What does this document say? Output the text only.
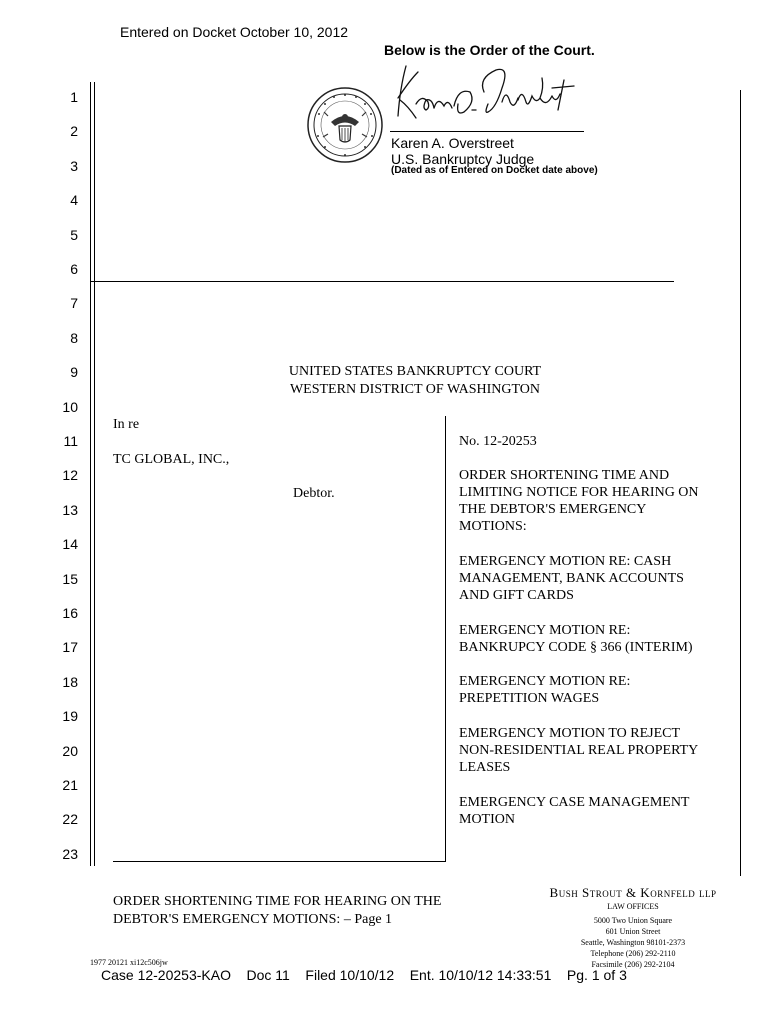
Entered on Docket October 10, 2012
Below is the Order of the Court.
Karen A. Overstreet
U.S. Bankruptcy Judge
(Dated as of Entered on Docket date above)
1
2
3
4
5
6
7
8
9
10
11
12
13
14
15
16
17
18
19
20
21
22
23
UNITED STATES BANKRUPTCY COURT
WESTERN DISTRICT OF WASHINGTON
In re
TC GLOBAL, INC.,
Debtor.
No. 12-20253
ORDER SHORTENING TIME AND
LIMITING NOTICE FOR HEARING ON
THE DEBTOR'S EMERGENCY
MOTIONS:
EMERGENCY MOTION RE: CASH
MANAGEMENT, BANK ACCOUNTS
AND GIFT CARDS
EMERGENCY MOTION RE:
BANKRUPCY CODE § 366 (INTERIM)
EMERGENCY MOTION RE:
PREPETITION WAGES
EMERGENCY MOTION TO REJECT
NON-RESIDENTIAL REAL PROPERTY
LEASES
EMERGENCY CASE MANAGEMENT
MOTION
ORDER SHORTENING TIME FOR HEARING ON THE
DEBTOR'S EMERGENCY MOTIONS: – Page 1
Bush Strout & Kornfeld llp
LAW OFFICES
5000 Two Union Square
601 Union Street
Seattle, Washington 98101-2373
Telephone (206) 292-2110
Facsimile (206) 292-2104
1977 20121 xi12c506jw
Case 12-20253-KAO    Doc 11    Filed 10/10/12    Ent. 10/10/12 14:33:51    Pg. 1 of 3
